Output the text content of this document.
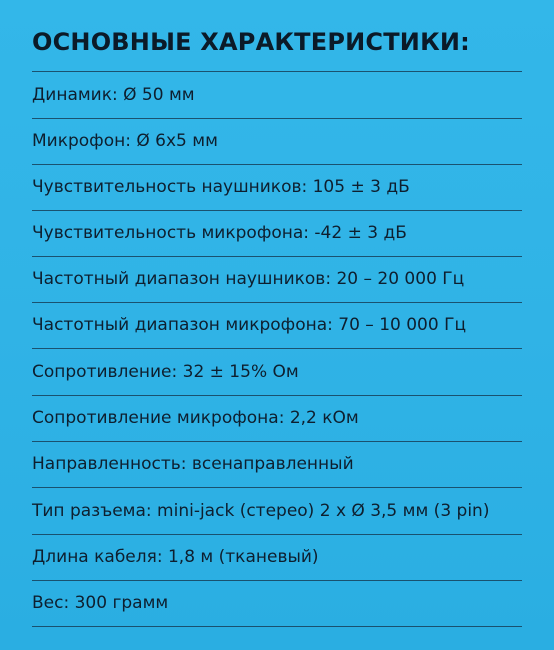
ОСНОВНЫЕ ХАРАКТЕРИСТИКИ:
Динамик: Ø 50 мм
Микрофон: Ø 6х5 мм
Чувствительность наушников: 105 ± 3 дБ
Чувствительность микрофона: -42 ± 3 дБ
Частотный диапазон наушников: 20 – 20 000 Гц
Частотный диапазон микрофона: 70 – 10 000 Гц
Сопротивление: 32 ± 15% Ом
Сопротивление микрофона: 2,2 кОм
Направленность: всенаправленный
Тип разъема: mini-jack (стерео) 2 х Ø 3,5 мм (3 pin)
Длина кабеля: 1,8 м (тканевый)
Вес: 300 грамм
